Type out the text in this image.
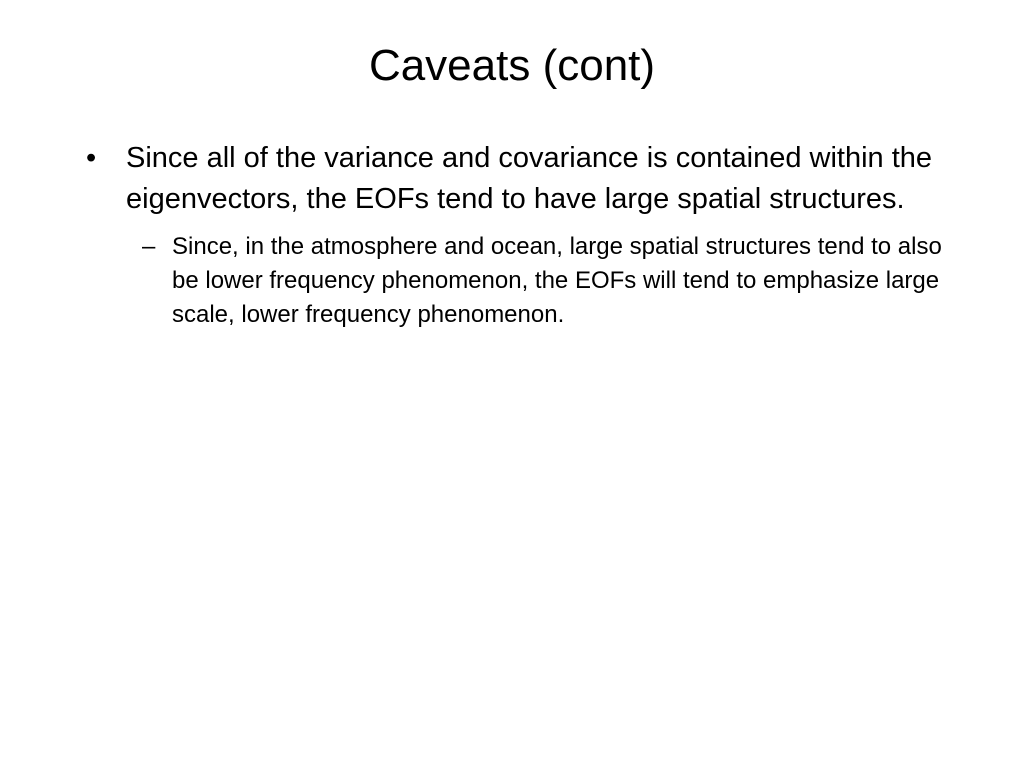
Caveats (cont)
•	Since all of the variance and covariance is contained within the eigenvectors, the EOFs tend to have large spatial structures.
– Since, in the atmosphere and ocean, large spatial structures tend to also be lower frequency phenomenon, the EOFs will tend to emphasize large scale, lower frequency phenomenon.
